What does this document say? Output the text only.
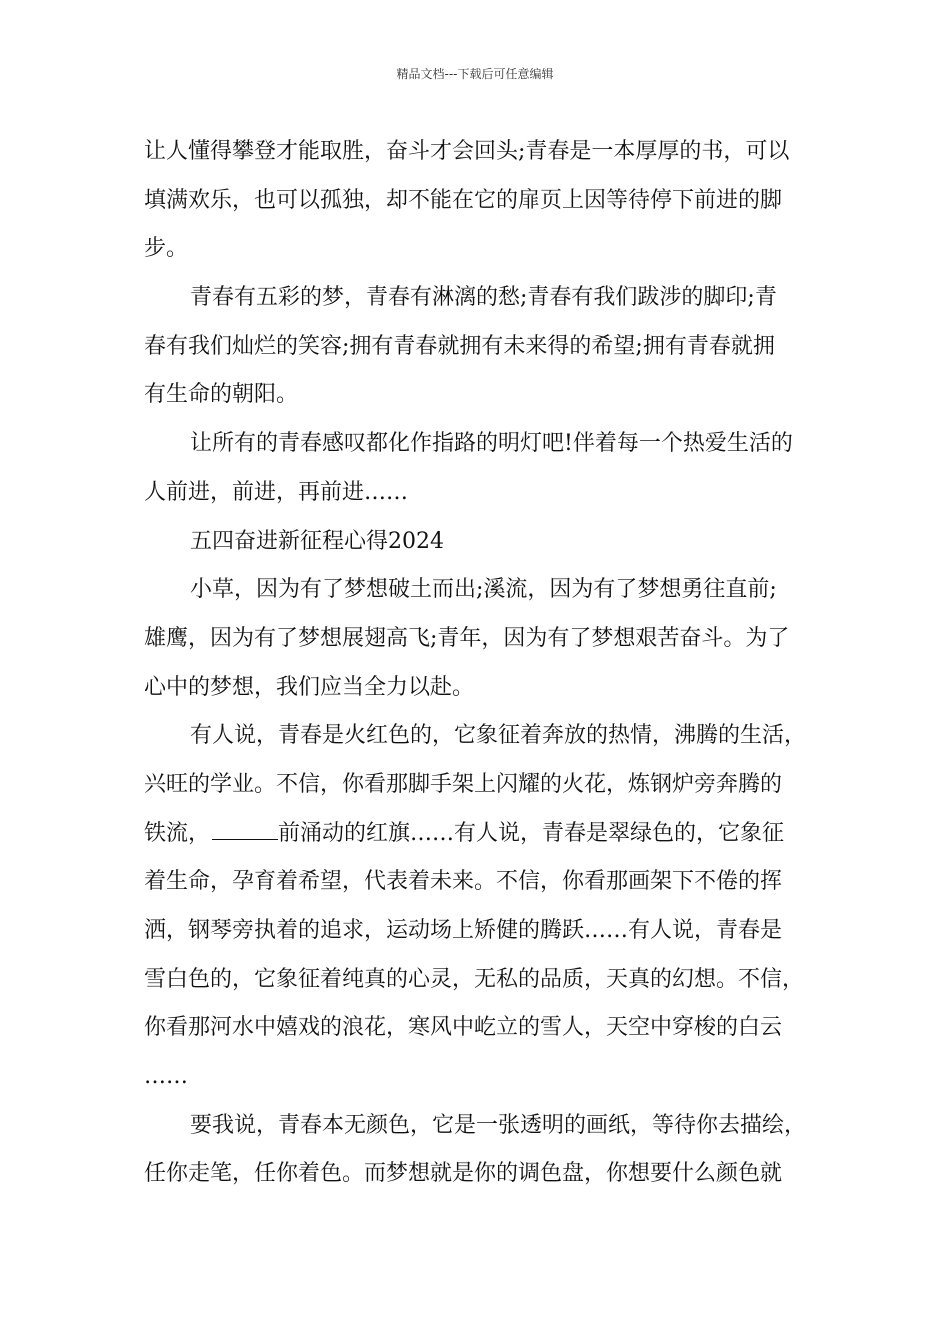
精品文档---下载后可任意编辑
让人懂得攀登才能取胜，奋斗才会回头;青春是一本厚厚的书，可以
填满欢乐，也可以孤独，却不能在它的扉页上因等待停下前进的脚
步。
青春有五彩的梦，青春有淋漓的愁;青春有我们跋涉的脚印;青
春有我们灿烂的笑容;拥有青春就拥有未来得的希望;拥有青春就拥
有生命的朝阳。
让所有的青春感叹都化作指路的明灯吧!伴着每一个热爱生活的
人前进，前进，再前进……
五四奋进新征程心得2024
小草，因为有了梦想破土而出;溪流，因为有了梦想勇往直前;
雄鹰，因为有了梦想展翅高飞;青年，因为有了梦想艰苦奋斗。为了
心中的梦想，我们应当全力以赴。
有人说，青春是火红色的，它象征着奔放的热情，沸腾的生活，
兴旺的学业。不信，你看那脚手架上闪耀的火花，炼钢炉旁奔腾的
铁流，	前涌动的红旗……有人说，青春是翠绿色的，它象征
着生命，孕育着希望，代表着未来。不信，你看那画架下不倦的挥
洒，钢琴旁执着的追求，运动场上矫健的腾跃……有人说，青春是
雪白色的，它象征着纯真的心灵，无私的品质，天真的幻想。不信，
你看那河水中嬉戏的浪花，寒风中屹立的雪人，天空中穿梭的白云
……
要我说，青春本无颜色，它是一张透明的画纸，等待你去描绘，
任你走笔，任你着色。而梦想就是你的调色盘，你想要什么颜色就
